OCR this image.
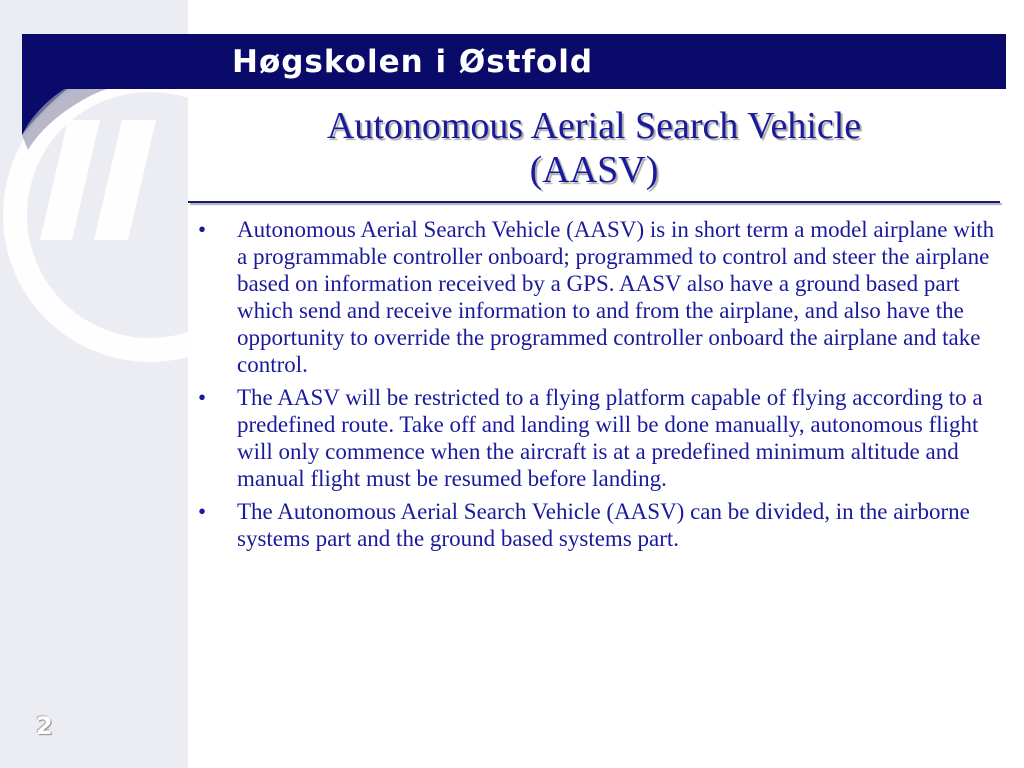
Høgskolen i Østfold
Autonomous Aerial Search Vehicle
(AASV)
•	Autonomous Aerial Search Vehicle (AASV) is in short term a model airplane with a programmable controller onboard; programmed to control and steer the airplane based on information received by a GPS. AASV also have a ground based part which send and receive information to and from the airplane, and also have the opportunity to override the programmed controller onboard the airplane and take control.
•	The AASV will be restricted to a flying platform capable of flying according to a predefined route. Take off and landing will be done manually, autonomous flight will only commence when the aircraft is at a predefined minimum altitude and manual flight must be resumed before landing.
•	The Autonomous Aerial Search Vehicle (AASV) can be divided, in the airborne systems part and the ground based systems part.
2
